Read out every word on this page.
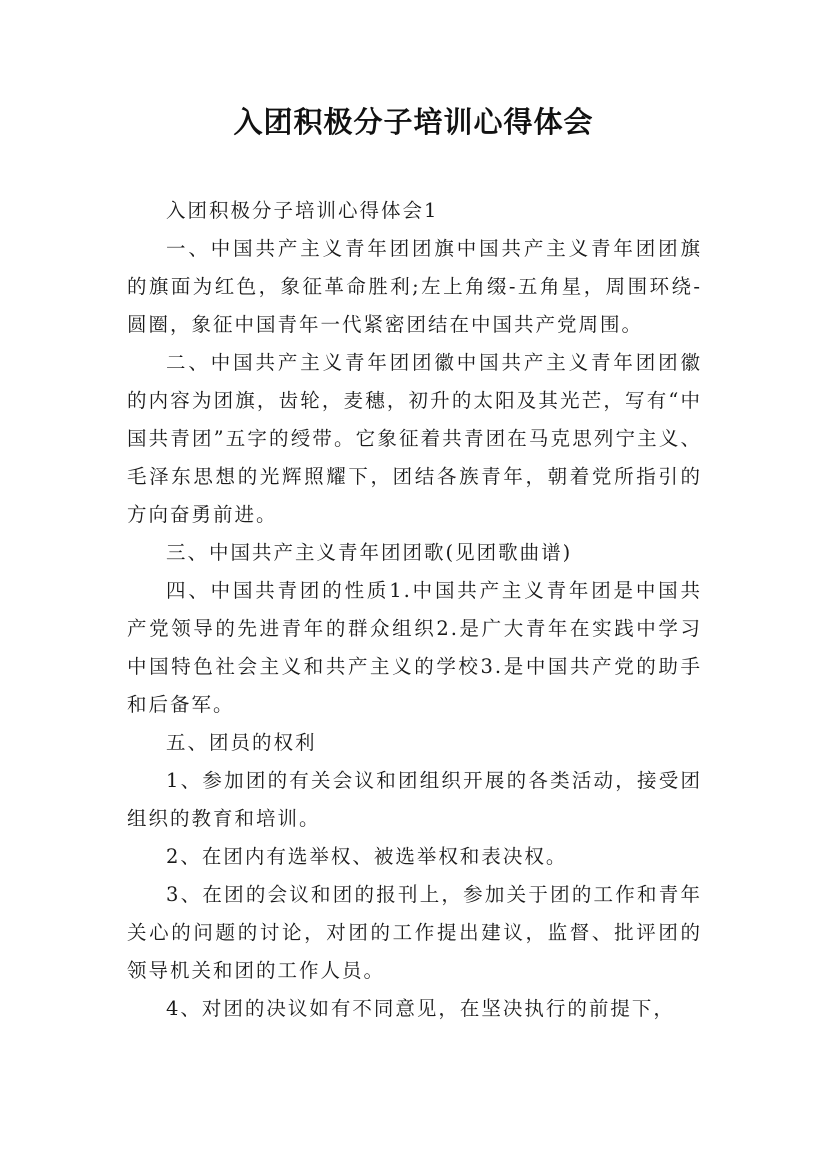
入团积极分子培训心得体会

入团积极分子培训心得体会1

一、中国共产主义青年团团旗中国共产主义青年团团旗的旗面为红色，象征革命胜利;左上角缀-五角星，周围环绕-圆圈，象征中国青年一代紧密团结在中国共产党周围。

二、中国共产主义青年团团徽中国共产主义青年团团徽的内容为团旗，齿轮，麦穗，初升的太阳及其光芒，写有“中国共青团”五字的绶带。它象征着共青团在马克思列宁主义、毛泽东思想的光辉照耀下，团结各族青年，朝着党所指引的方向奋勇前进。

三、中国共产主义青年团团歌(见团歌曲谱)

四、中国共青团的性质1.中国共产主义青年团是中国共产党领导的先进青年的群众组织2.是广大青年在实践中学习中国特色社会主义和共产主义的学校3.是中国共产党的助手和后备军。

五、团员的权利

1、参加团的有关会议和团组织开展的各类活动，接受团组织的教育和培训。

2、在团内有选举权、被选举权和表决权。

3、在团的会议和团的报刊上，参加关于团的工作和青年关心的问题的讨论，对团的工作提出建议，监督、批评团的领导机关和团的工作人员。

4、对团的决议如有不同意见，在坚决执行的前提下，
